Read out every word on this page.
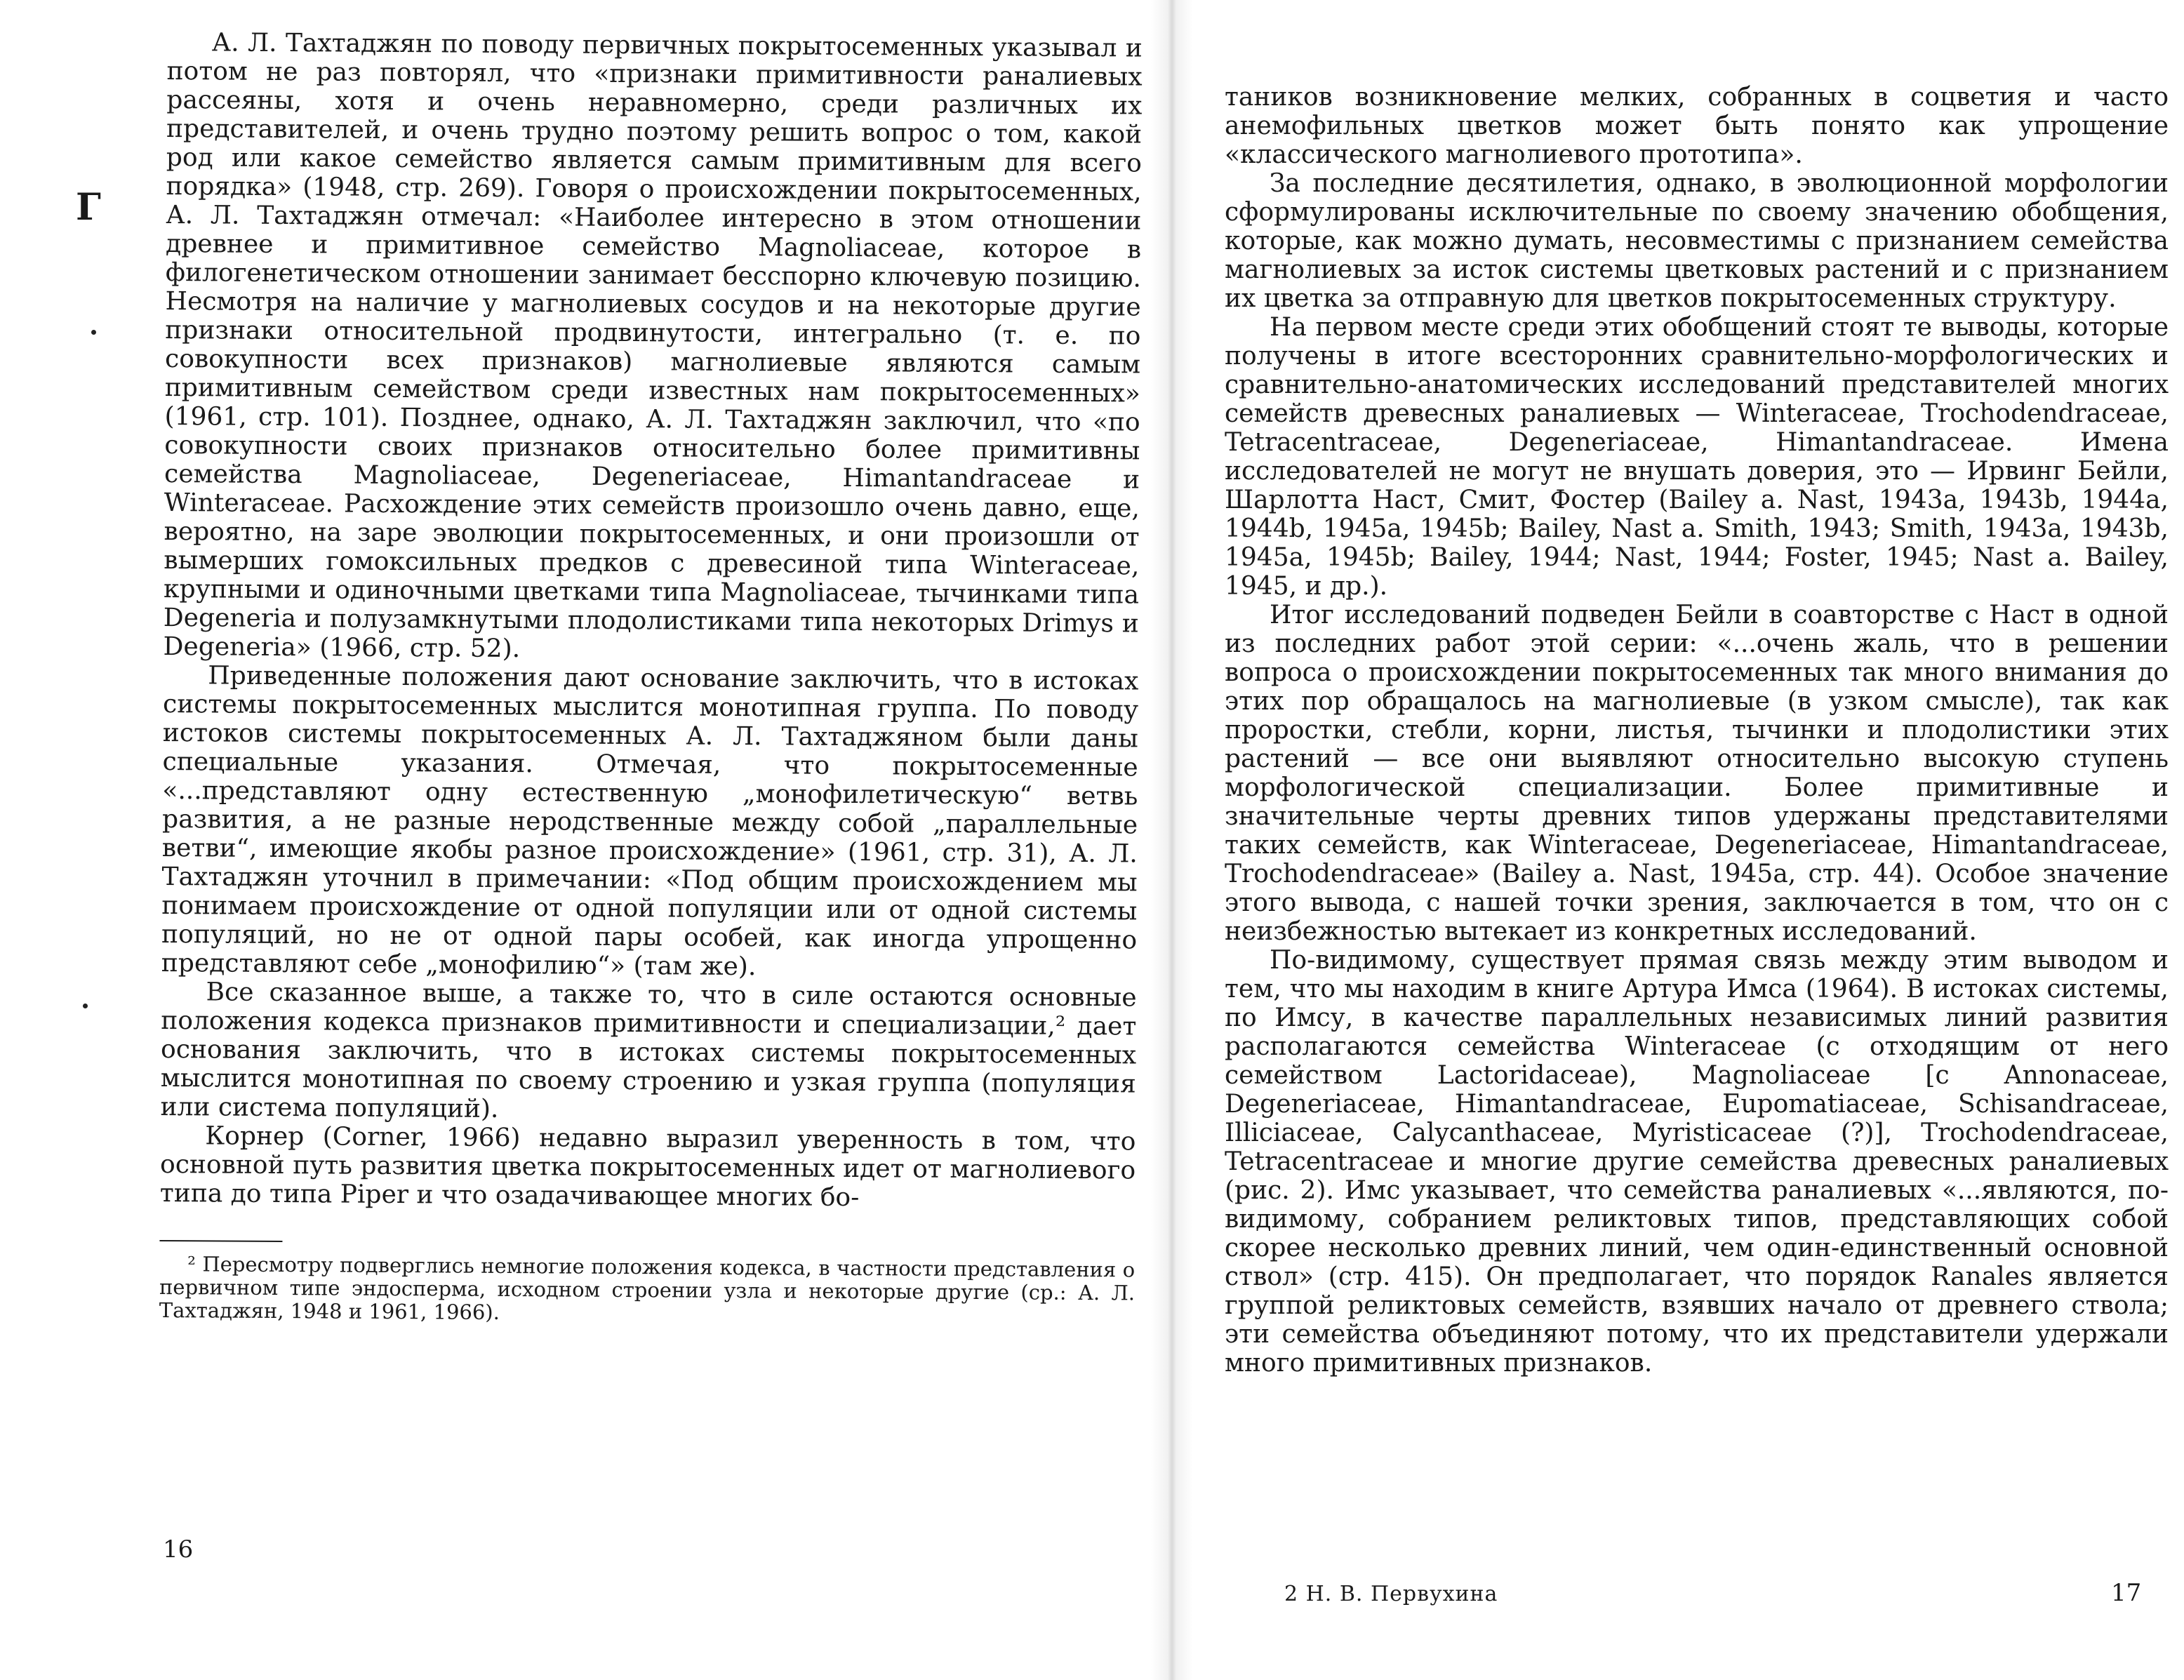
Г

А. Л. Тахтаджян по поводу первичных покрытосеменных указывал и потом не раз повторял, что «признаки примитивности раналиевых рассеяны, хотя и очень неравномерно, среди различных их представителей, и очень трудно поэтому решить вопрос о том, какой род или какое семейство является самым примитивным для всего порядка» (1948, стр. 269). Говоря о происхождении покрытосеменных, А. Л. Тахтаджян отмечал: «Наиболее интересно в этом отношении древнее и примитивное семейство Magnoliaceae, которое в филогенетическом отношении занимает бесспорно ключевую позицию. Несмотря на наличие у магнолиевых сосудов и на некоторые другие признаки относительной продвинутости, интегрально (т. е. по совокупности всех признаков) магнолиевые являются самым примитивным семейством среди известных нам покрытосеменных» (1961, стр. 101). Позднее, однако, А. Л. Тахтаджян заключил, что «по совокупности своих признаков относительно более примитивны семейства Magnoliaceae, Degeneriaceae, Himantandraceae и Winteraceae. Расхождение этих семейств произошло очень давно, еще, вероятно, на заре эволюции покрытосеменных, и они произошли от вымерших гомоксильных предков с древесиной типа Winteraceae, крупными и одиночными цветками типа Magnoliaceae, тычинками типа Degeneria и полузамкнутыми плодолистиками типа некоторых Drimys и Degeneria» (1966, стр. 52).

Приведенные положения дают основание заключить, что в истоках системы покрытосеменных мыслится монотипная группа. По поводу истоков системы покрытосеменных А. Л. Тахтаджяном были даны специальные указания. Отмечая, что покрытосеменные «...представляют одну естественную „монофилетическую“ ветвь развития, а не разные неродственные между собой „параллельные ветви“, имеющие якобы разное происхождение» (1961, стр. 31), А. Л. Тахтаджян уточнил в примечании: «Под общим происхождением мы понимаем происхождение от одной популяции или от одной системы популяций, но не от одной пары особей, как иногда упрощенно представляют себе „монофилию“» (там же).

Все сказанное выше, а также то, что в силе остаются основные положения кодекса признаков примитивности и специализации,² дает основания заключить, что в истоках системы покрытосеменных мыслится монотипная по своему строению и узкая группа (популяция или система популяций).

Корнер (Corner, 1966) недавно выразил уверенность в том, что основной путь развития цветка покрытосеменных идет от магнолиевого типа до типа Piper и что озадачивающее многих бо-

² Пересмотру подверглись немногие положения кодекса, в частности представления о первичном типе эндосперма, исходном строении узла и некоторые другие (ср.: А. Л. Тахтаджян, 1948 и 1961, 1966).

16

таников возникновение мелких, собранных в соцветия и часто анемофильных цветков может быть понято как упрощение «классического магнолиевого прототипа».

За последние десятилетия, однако, в эволюционной морфологии сформулированы исключительные по своему значению обобщения, которые, как можно думать, несовместимы с признанием семейства магнолиевых за исток системы цветковых растений и с признанием их цветка за отправную для цветков покрытосеменных структуру.

На первом месте среди этих обобщений стоят те выводы, которые получены в итоге всесторонних сравнительно-морфологических и сравнительно-анатомических исследований представителей многих семейств древесных раналиевых — Winteraceae, Trochodendraceae, Tetracentraceae, Degeneriaceae, Himantandraceae. Имена исследователей не могут не внушать доверия, это — Ирвинг Бейли, Шарлотта Наст, Смит, Фостер (Bailey a. Nast, 1943a, 1943b, 1944a, 1944b, 1945a, 1945b; Bailey, Nast a. Smith, 1943; Smith, 1943a, 1943b, 1945a, 1945b; Bailey, 1944; Nast, 1944; Foster, 1945; Nast a. Bailey, 1945, и др.).

Итог исследований подведен Бейли в соавторстве с Наст в одной из последних работ этой серии: «...очень жаль, что в решении вопроса о происхождении покрытосеменных так много внимания до этих пор обращалось на магнолиевые (в узком смысле), так как проростки, стебли, корни, листья, тычинки и плодолистики этих растений — все они выявляют относительно высокую ступень морфологической специализации. Более примитивные и значительные черты древних типов удержаны представителями таких семейств, как Winteraceae, Degeneriaceae, Himantandraceae, Trochodendraceae» (Bailey a. Nast, 1945a, стр. 44). Особое значение этого вывода, с нашей точки зрения, заключается в том, что он с неизбежностью вытекает из конкретных исследований.

По-видимому, существует прямая связь между этим выводом и тем, что мы находим в книге Артура Имса (1964). В истоках системы, по Имсу, в качестве параллельных независимых линий развития располагаются семейства Winteraceae (с отходящим от него семейством Lactoridaceae), Magnoliaceae [с Annonaceae, Degeneriaceae, Himantandraceae, Eupomatiaceae, Schisandraceae, Illiciaceae, Calycanthaceae, Myristicaceae (?)], Trochodendraceae, Tetracentraceae и многие другие семейства древесных раналиевых (рис. 2). Имс указывает, что семейства раналиевых «...являются, по-видимому, собранием реликтовых типов, представляющих собой скорее несколько древних линий, чем один-единственный основной ствол» (стр. 415). Он предполагает, что порядок Ranales является группой реликтовых семейств, взявших начало от древнего ствола; эти семейства объединяют потому, что их представители удержали много примитивных признаков.

2 Н. В. Первухина	17
